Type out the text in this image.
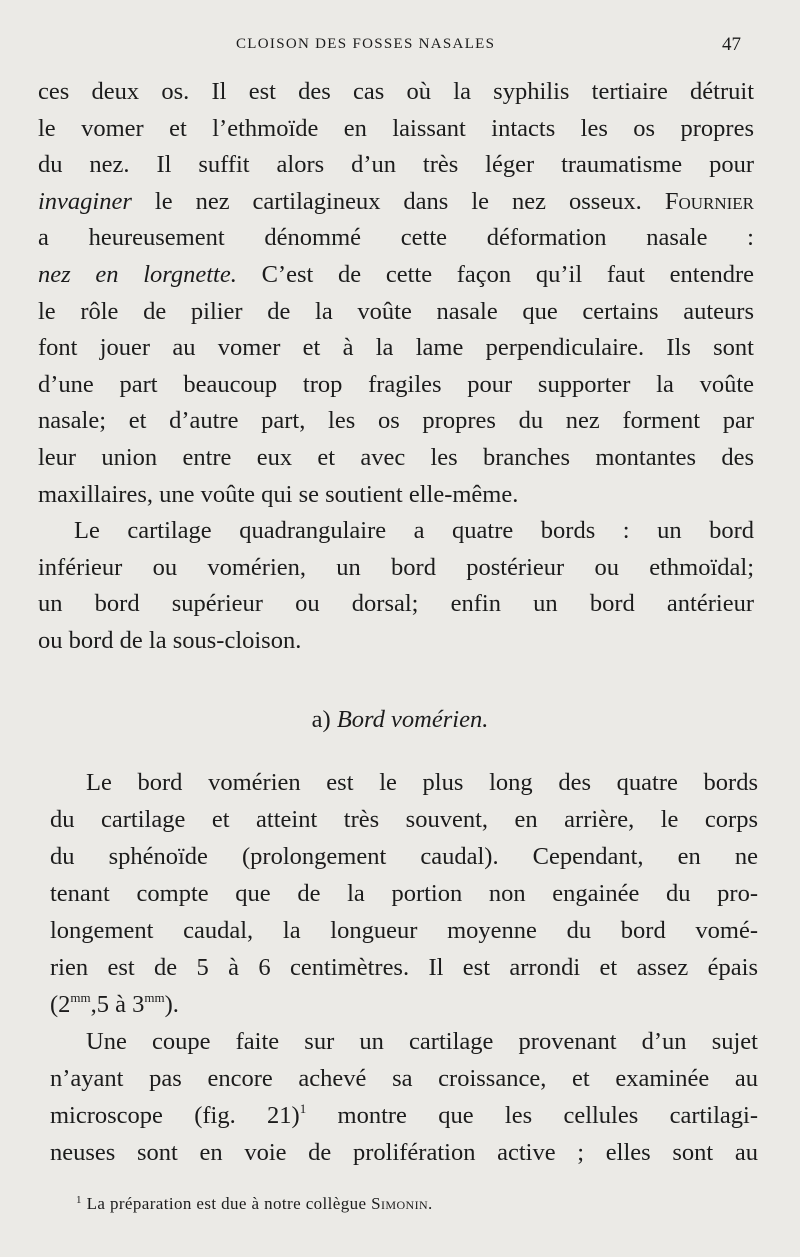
CLOISON DES FOSSES NASALES	47
ces deux os. Il est des cas où la syphilis tertiaire détruit
le vomer et l’ethmoïde en laissant intacts les os propres
du nez. Il suffit alors d’un très léger traumatisme pour
invaginer le nez cartilagineux dans le nez osseux. Fournier
a heureusement dénommé cette déformation nasale :
nez en lorgnette. C’est de cette façon qu’il faut entendre
le rôle de pilier de la voûte nasale que certains auteurs
font jouer au vomer et à la lame perpendiculaire. Ils sont
d’une part beaucoup trop fragiles pour supporter la voûte
nasale; et d’autre part, les os propres du nez forment par
leur union entre eux et avec les branches montantes des
maxillaires, une voûte qui se soutient elle-même.
Le cartilage quadrangulaire a quatre bords : un bord
inférieur ou vomérien, un bord postérieur ou ethmoïdal;
un bord supérieur ou dorsal; enfin un bord antérieur
ou bord de la sous-cloison.
a) Bord vomérien.
Le bord vomérien est le plus long des quatre bords
du cartilage et atteint très souvent, en arrière, le corps
du sphénoïde (prolongement caudal). Cependant, en ne
tenant compte que de la portion non engainée du pro-
longement caudal, la longueur moyenne du bord vomé-
rien est de 5 à 6 centimètres. Il est arrondi et assez épais
($2^{mm},5$ à $3^{mm}$).
Une coupe faite sur un cartilage provenant d’un sujet
n’ayant pas encore achevé sa croissance, et examinée au
microscope (fig. 21)$^1$ montre que les cellules cartilagi-
neuses sont en voie de prolifération active ; elles sont au
$^1$ La préparation est due à notre collègue Simonin.
